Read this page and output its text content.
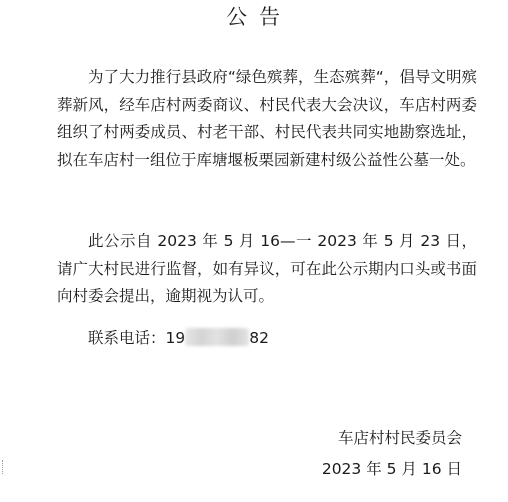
公告

为了大力推行县政府“绿色殡葬，生态殡葬“，倡导文明殡葬新风，经车店村两委商议、村民代表大会决议，车店村两委组织了村两委成员、村老干部、村民代表共同实地勘察选址，拟在车店村一组位于库塘堰板栗园新建村级公益性公墓一处。

此公示自 2023 年 5 月 16—一 2023 年 5 月 23 日，请广大村民进行监督，如有异议，可在此公示期内口头或书面向村委会提出，逾期视为认可。

联系电话：19	82
车店村村民委员会
2023 年 5 月 16 日
